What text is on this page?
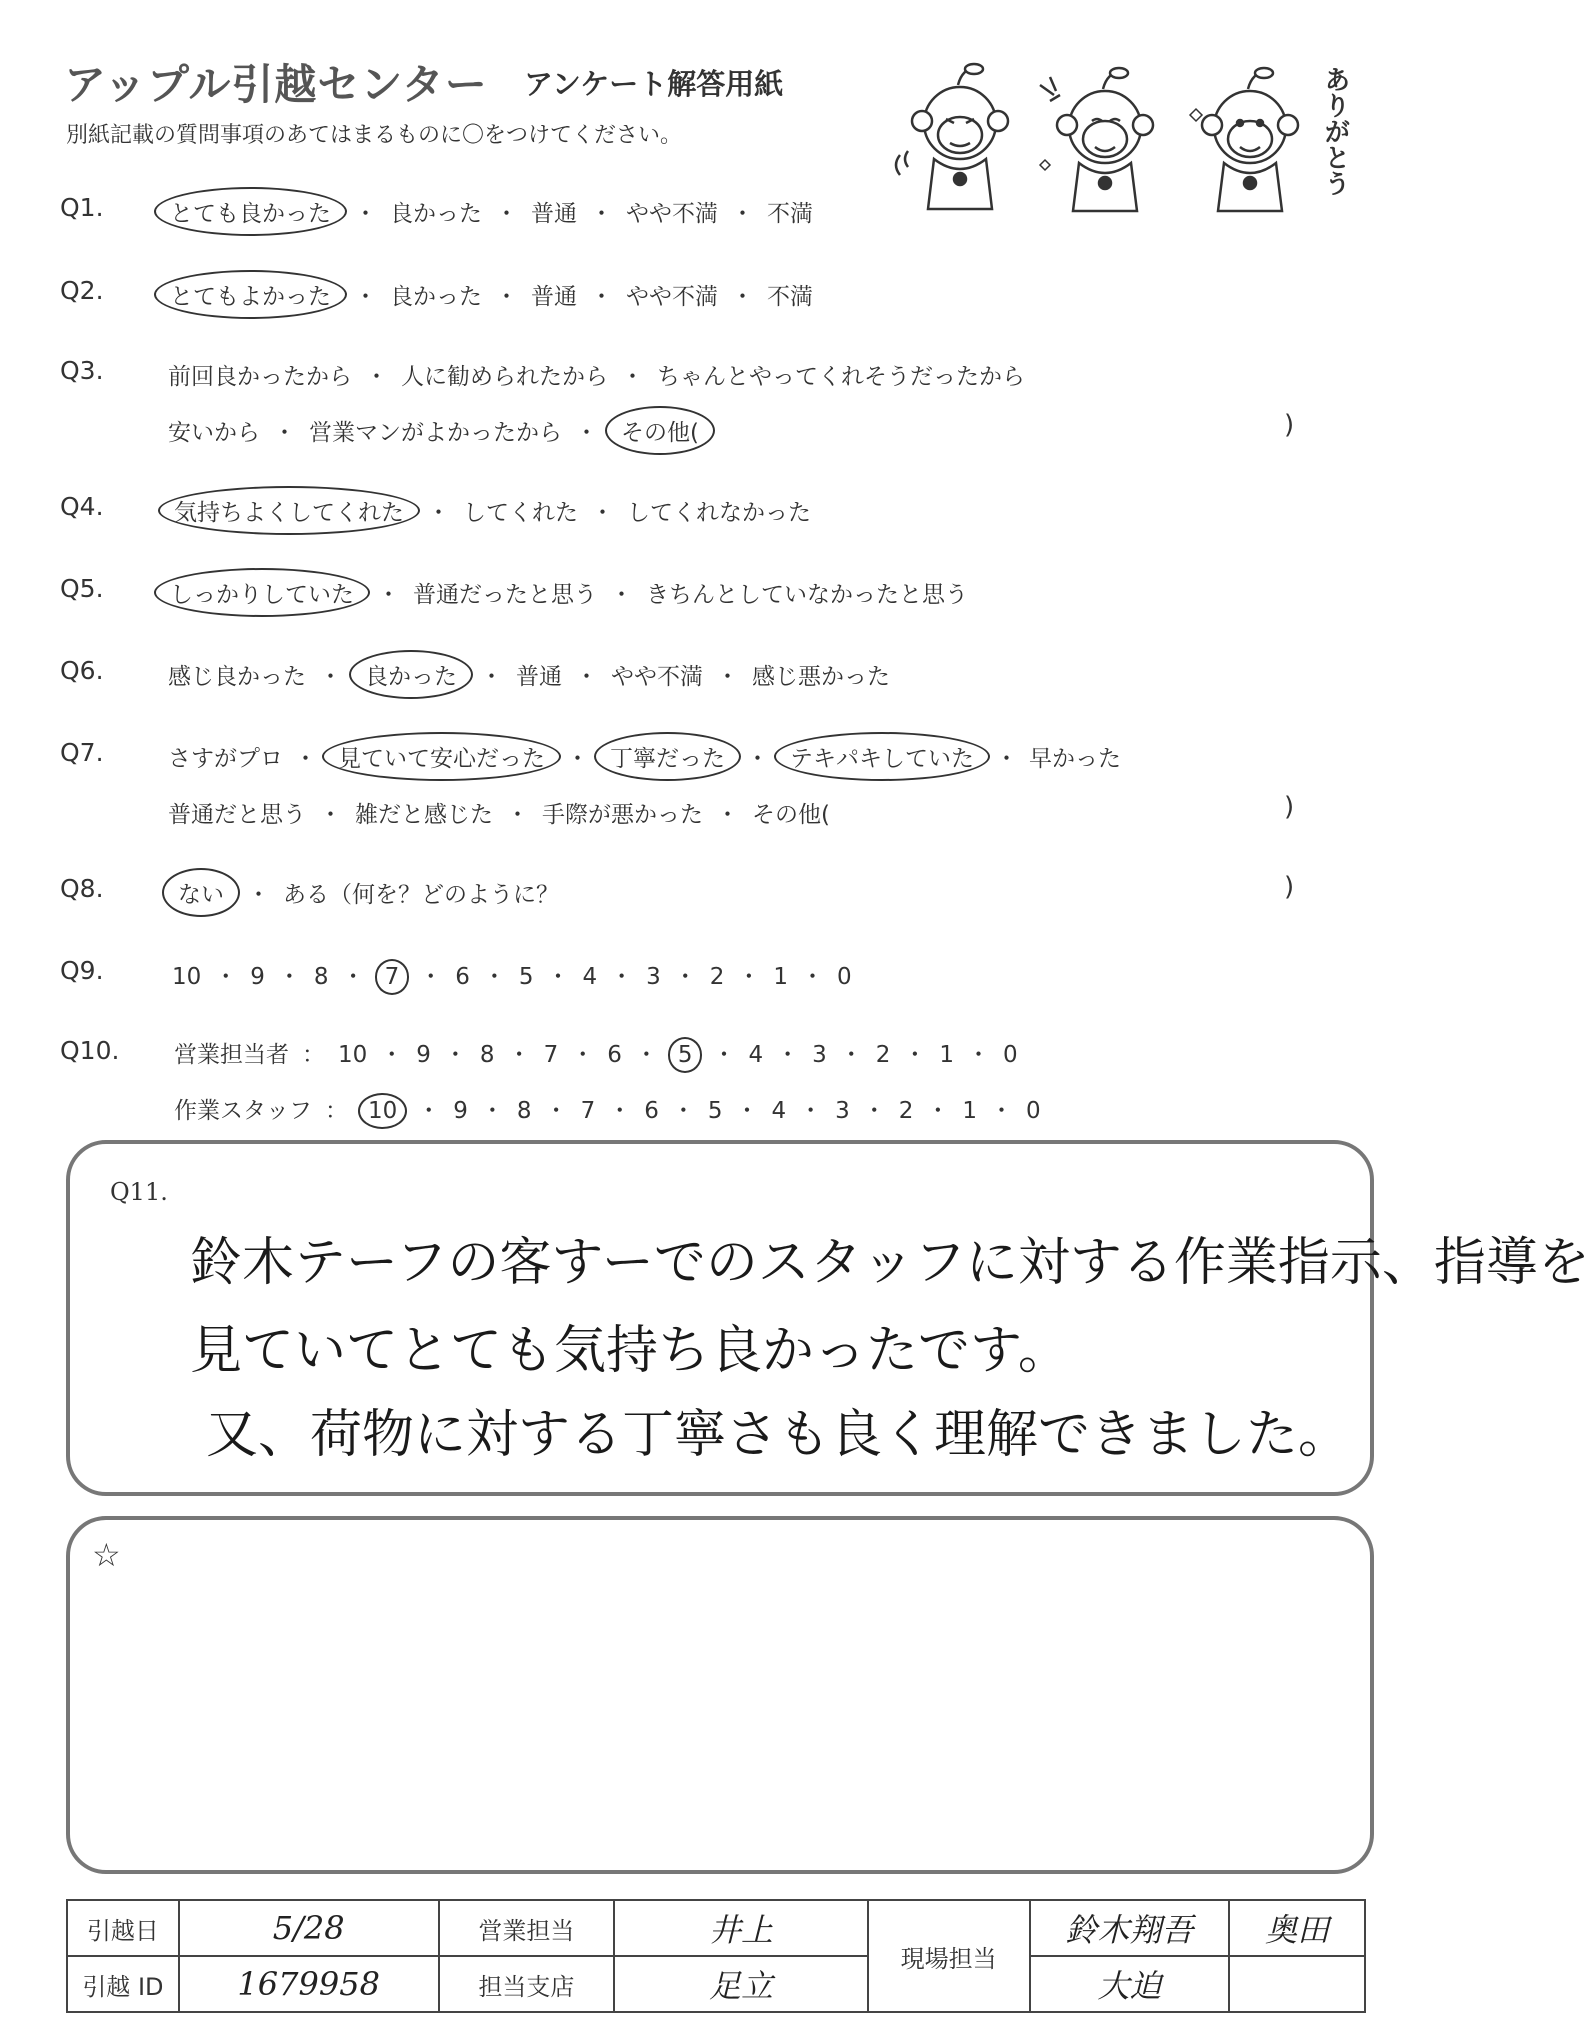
アップル引越センター アンケート解答用紙
別紙記載の質問事項のあてはまるものに〇をつけてください。	ありがとう
Q1.	とても良かった ・ 良かった ・ 普通 ・ やや不満 ・ 不満
Q2.	とてもよかった ・ 良かった ・ 普通 ・ やや不満 ・ 不満
Q3.	前回良かったから ・ 人に勧められたから ・ ちゃんとやってくれそうだったから
安いから ・ 営業マンがよかったから ・ その他(	)
Q4.	気持ちよくしてくれた ・ してくれた ・ してくれなかった
Q5.	しっかりしていた ・ 普通だったと思う ・ きちんとしていなかったと思う
Q6.	感じ良かった ・ 良かった ・ 普通 ・ やや不満 ・ 感じ悪かった
Q7.	さすがプロ ・ 見ていて安心だった ・ 丁寧だった ・ テキパキしていた ・ 早かった
普通だと思う ・ 雑だと感じた ・ 手際が悪かった ・ その他(	)
Q8.	ない ・ ある（何を？どのように？	)
Q9.	10 ・ 9 ・ 8 ・ 7 ・ 6 ・ 5 ・ 4 ・ 3 ・ 2 ・ 1 ・ 0
Q10. 営業担当者 ： 10 ・ 9 ・ 8 ・ 7 ・ 6 ・ 5 ・ 4 ・ 3 ・ 2 ・ 1 ・ 0
作業スタッフ ： 10 ・ 9 ・ 8 ・ 7 ・ 6 ・ 5 ・ 4 ・ 3 ・ 2 ・ 1 ・ 0
Q11.
鈴木テーフの客すーでのスタッフに対する作業指示、指導を
見ていてとても気持ち良かったです。
又、荷物に対する丁寧さも良く理解できました。
☆
引越日	5/28	営業担当	井上	現場担当	鈴木翔吾	奥田
引越 ID	1679958	担当支店	足立		大迫	
